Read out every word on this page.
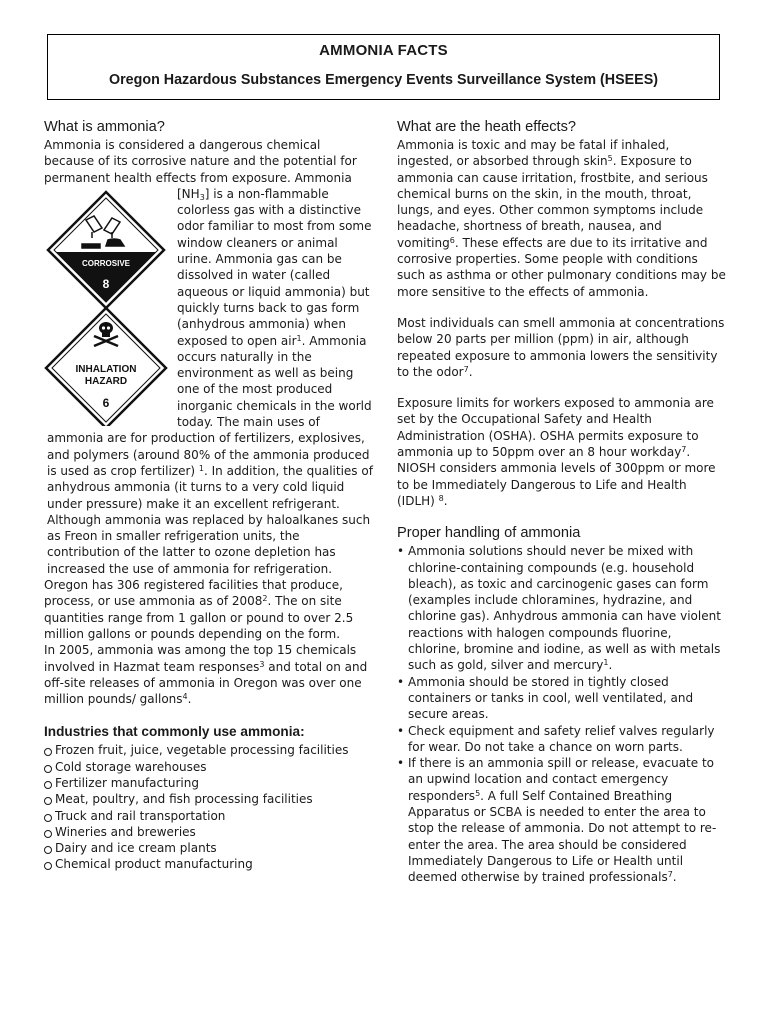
AMMONIA FACTS
Oregon Hazardous Substances Emergency Events Surveillance System (HSEES)
What is ammonia?

Ammonia is considered a dangerous chemical because of its corrosive nature and the potential for permanent health effects from exposure. Ammonia

CORROSIVE
8
INHALATION
HAZARD
6

$[NH_3]$ is a non-flammable colorless gas with a distinctive odor familiar to most from some window cleaners or animal urine. Ammonia gas can be dissolved in water (called aqueous or liquid ammonia) but quickly turns back to gas form (anhydrous ammonia) when exposed to open air$^1$. Ammonia occurs naturally in the environment as well as being one of the most produced inorganic chemicals in the world today. The main uses of ammonia are for production of fertilizers, explosives, and polymers (around 80% of the ammonia produced is used as crop fertilizer) $^1$. In addition, the qualities of anhydrous ammonia (it turns to a very cold liquid under pressure) make it an excellent refrigerant. Although ammonia was replaced by haloalkanes such as Freon in smaller refrigeration units, the contribution of the latter to ozone depletion has increased the use of ammonia for refrigeration.

Oregon has 306 registered facilities that produce, process, or use ammonia as of 2008$^2$. The on site quantities range from 1 gallon or pound to over 2.5 million gallons or pounds depending on the form.

In 2005, ammonia was among the top 15 chemicals involved in Hazmat team responses$^3$ and total on and off-site releases of ammonia in Oregon was over one million pounds/ gallons$^4$.

Industries that commonly use ammonia:
Frozen fruit, juice, vegetable processing facilities
Cold storage warehouses
Fertilizer manufacturing
Meat, poultry, and fish processing facilities
Truck and rail transportation
Wineries and breweries
Dairy and ice cream plants
Chemical product manufacturing
What are the heath effects?

Ammonia is toxic and may be fatal if inhaled, ingested, or absorbed through skin$^5$. Exposure to ammonia can cause irritation, frostbite, and serious chemical burns on the skin, in the mouth, throat, lungs, and eyes. Other common symptoms include headache, shortness of breath, nausea, and vomiting$^6$. These effects are due to its irritative and corrosive properties. Some people with conditions such as asthma or other pulmonary conditions may be more sensitive to the effects of ammonia.

Most individuals can smell ammonia at concentrations below 20 parts per million (ppm) in air, although repeated exposure to ammonia lowers the sensitivity to the odor$^7$.

Exposure limits for workers exposed to ammonia are set by the Occupational Safety and Health Administration (OSHA). OSHA permits exposure to ammonia up to 50ppm over an 8 hour workday$^7$. NIOSH considers ammonia levels of 300ppm or more to be Immediately Dangerous to Life and Health (IDLH) $^8$.

Proper handling of ammonia
• Ammonia solutions should never be mixed with chlorine-containing compounds (e.g. household bleach), as toxic and carcinogenic gases can form (examples include chloramines, hydrazine, and chlorine gas). Anhydrous ammonia can have violent reactions with halogen compounds fluorine, chlorine, bromine and iodine, as well as with metals such as gold, silver and mercury$^1$.
• Ammonia should be stored in tightly closed containers or tanks in cool, well ventilated, and secure areas.
• Check equipment and safety relief valves regularly for wear. Do not take a chance on worn parts.
• If there is an ammonia spill or release, evacuate to an upwind location and contact emergency responders$^5$. A full Self Contained Breathing Apparatus or SCBA is needed to enter the area to stop the release of ammonia. Do not attempt to re-enter the area. The area should be considered Immediately Dangerous to Life or Health until deemed otherwise by trained professionals$^7$.
